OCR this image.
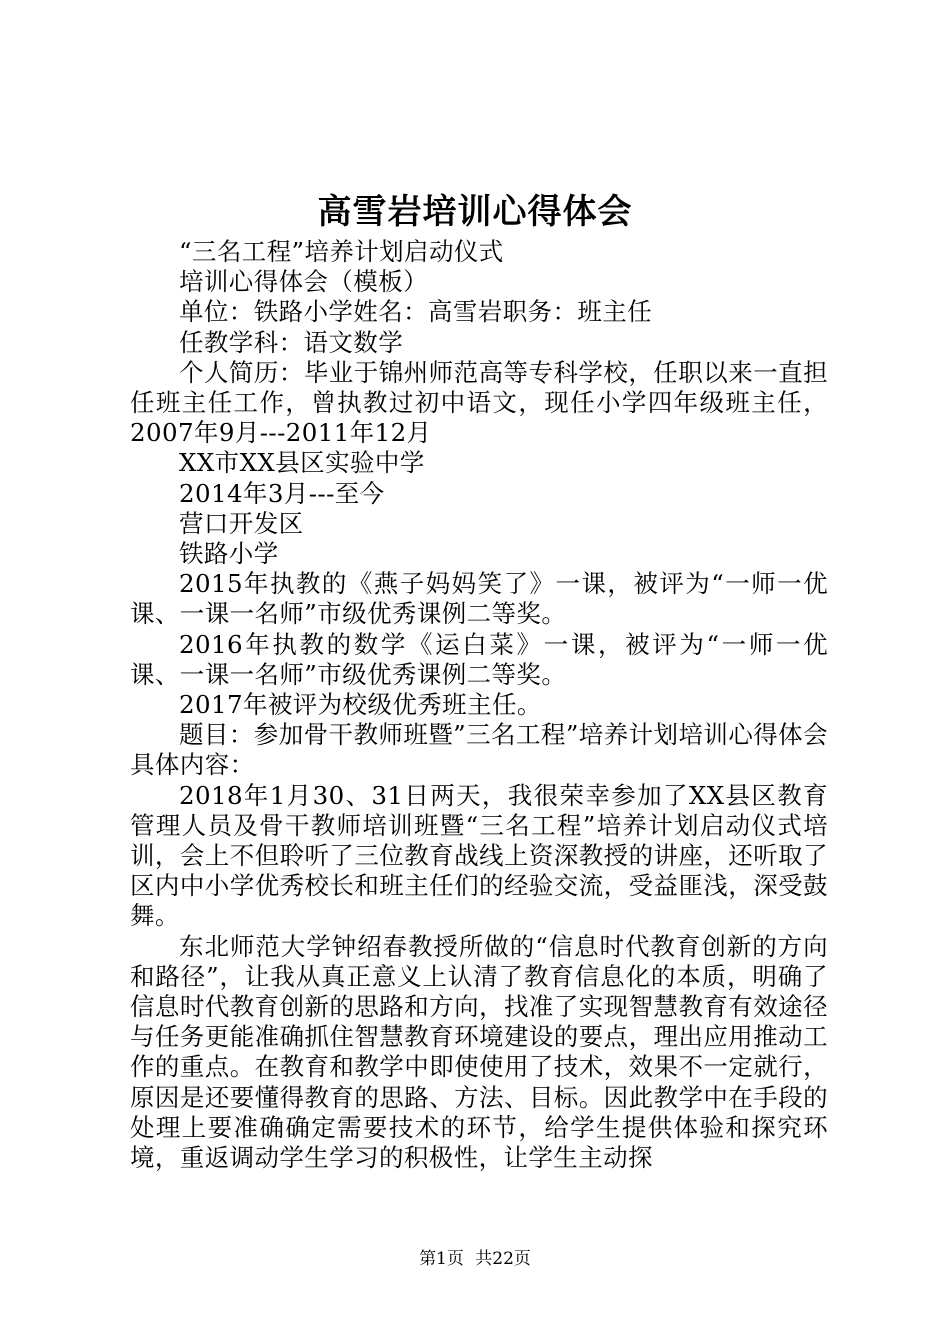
高雪岩培训心得体会

“三名工程”培养计划启动仪式

培训心得体会（模板）

单位：铁路小学姓名：高雪岩职务：班主任

任教学科：语文数学

个人简历：毕业于锦州师范高等专科学校，任职以来一直担任班主任工作，曾执教过初中语文，现任小学四年级班主任，2007年9月---2011年12月

XX市XX县区实验中学

2014年3月---至今

营口开发区

铁路小学

2015年执教的《燕子妈妈笑了》一课，被评为“一师一优课、一课一名师”市级优秀课例二等奖。

2016年执教的数学《运白菜》一课，被评为“一师一优课、一课一名师”市级优秀课例二等奖。

2017年被评为校级优秀班主任。

题目：参加骨干教师班暨”三名工程”培养计划培训心得体会具体内容：

2018年1月30、31日两天，我很荣幸参加了XX县区教育管理人员及骨干教师培训班暨“三名工程”培养计划启动仪式培训，会上不但聆听了三位教育战线上资深教授的讲座，还听取了区内中小学优秀校长和班主任们的经验交流，受益匪浅，深受鼓舞。

东北师范大学钟绍春教授所做的“信息时代教育创新的方向和路径”，让我从真正意义上认清了教育信息化的本质，明确了信息时代教育创新的思路和方向，找准了实现智慧教育有效途径与任务更能准确抓住智慧教育环境建设的要点，理出应用推动工作的重点。在教育和教学中即使使用了技术，效果不一定就行，原因是还要懂得教育的思路、方法、目标。因此教学中在手段的处理上要准确确定需要技术的环节，给学生提供体验和探究环境，重返调动学生学习的积极性，让学生主动探

第1页 共22页
